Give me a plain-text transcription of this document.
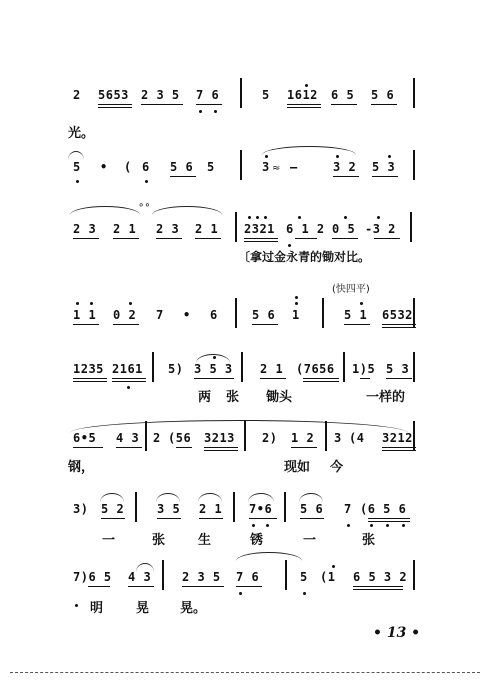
2 5653 2 3 5 7 6	5 1612 6 5 5 6
光。
5 • ( 6 5 6 5	3 ≈ —	3 2 5 3
∘∘
2 3 2 1 2 3 2 1 2321 6 1 2 0 5 -3 2
〔拿过金永青的锄对比。
(快四平)
1 1 0 2 7 • 6	5 6 1	5 1 6532
1235 2161 5) 3 5 3 2 1 (7656 1)5 5 3
两 张 锄头	一样的
6•5 4 3 2 (56 3213 2) 1 2 3 (4 3212
钢，	现如 今
3) 5 2	3 5 2 1 7•6 5 6 7 (6 5 6
一	张	生	锈	一	张
7)6 5 4 3	2 3 5 7 6	5 (1 6 5 3 2
明	晃 晃。
• 13 •
